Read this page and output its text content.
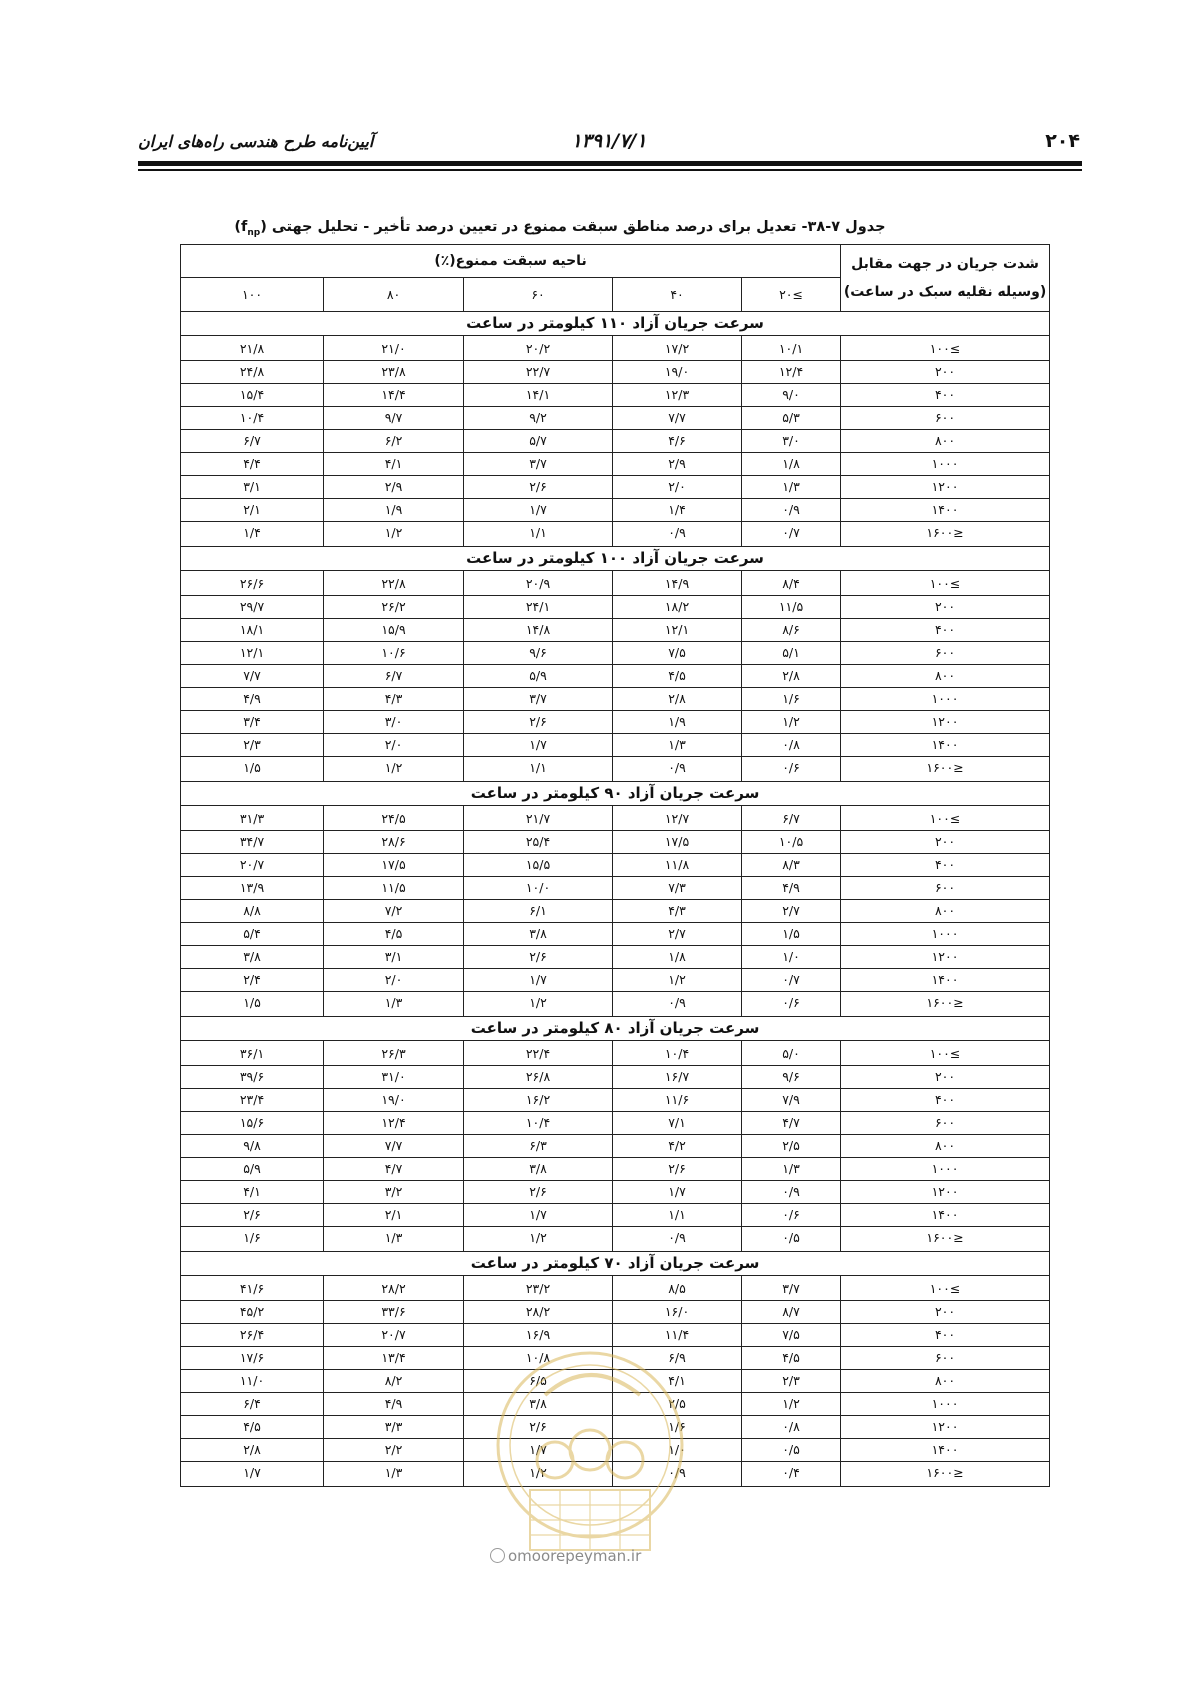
۲۰۴
۱۳۹۱/۷/۱
آیین‌نامه طرح هندسی راه‌های ایران
جدول ۷-۳۸- تعدیل برای درصد مناطق سبقت ممنوع در تعیین درصد تأخیر - تحلیل جهتی $(f_{np})$
شدت جریان در جهت مقابل (وسیله نقلیه سبک در ساعت)	ناحیه سبقت ممنوع(٪)				
	≥۲۰	۴۰	۶۰	۸۰	۱۰۰
سرعت جریان آزاد ۱۱۰ کیلومتر در ساعت					
≥۱۰۰	۱۰/۱	۱۷/۲	۲۰/۲	۲۱/۰	۲۱/۸
۲۰۰	۱۲/۴	۱۹/۰	۲۲/۷	۲۳/۸	۲۴/۸
۴۰۰	۹/۰	۱۲/۳	۱۴/۱	۱۴/۴	۱۵/۴
۶۰۰	۵/۳	۷/۷	۹/۲	۹/۷	۱۰/۴
۸۰۰	۳/۰	۴/۶	۵/۷	۶/۲	۶/۷
۱۰۰۰	۱/۸	۲/۹	۳/۷	۴/۱	۴/۴
۱۲۰۰	۱/۳	۲/۰	۲/۶	۲/۹	۳/۱
۱۴۰۰	۰/۹	۱/۴	۱/۷	۱/۹	۲/۱
≤۱۶۰۰	۰/۷	۰/۹	۱/۱	۱/۲	۱/۴
سرعت جریان آزاد ۱۰۰ کیلومتر در ساعت					
≥۱۰۰	۸/۴	۱۴/۹	۲۰/۹	۲۲/۸	۲۶/۶
۲۰۰	۱۱/۵	۱۸/۲	۲۴/۱	۲۶/۲	۲۹/۷
۴۰۰	۸/۶	۱۲/۱	۱۴/۸	۱۵/۹	۱۸/۱
۶۰۰	۵/۱	۷/۵	۹/۶	۱۰/۶	۱۲/۱
۸۰۰	۲/۸	۴/۵	۵/۹	۶/۷	۷/۷
۱۰۰۰	۱/۶	۲/۸	۳/۷	۴/۳	۴/۹
۱۲۰۰	۱/۲	۱/۹	۲/۶	۳/۰	۳/۴
۱۴۰۰	۰/۸	۱/۳	۱/۷	۲/۰	۲/۳
≤۱۶۰۰	۰/۶	۰/۹	۱/۱	۱/۲	۱/۵
سرعت جریان آزاد ۹۰ کیلومتر در ساعت					
≥۱۰۰	۶/۷	۱۲/۷	۲۱/۷	۲۴/۵	۳۱/۳
۲۰۰	۱۰/۵	۱۷/۵	۲۵/۴	۲۸/۶	۳۴/۷
۴۰۰	۸/۳	۱۱/۸	۱۵/۵	۱۷/۵	۲۰/۷
۶۰۰	۴/۹	۷/۳	۱۰/۰	۱۱/۵	۱۳/۹
۸۰۰	۲/۷	۴/۳	۶/۱	۷/۲	۸/۸
۱۰۰۰	۱/۵	۲/۷	۳/۸	۴/۵	۵/۴
۱۲۰۰	۱/۰	۱/۸	۲/۶	۳/۱	۳/۸
۱۴۰۰	۰/۷	۱/۲	۱/۷	۲/۰	۲/۴
≤۱۶۰۰	۰/۶	۰/۹	۱/۲	۱/۳	۱/۵
سرعت جریان آزاد ۸۰ کیلومتر در ساعت					
≥۱۰۰	۵/۰	۱۰/۴	۲۲/۴	۲۶/۳	۳۶/۱
۲۰۰	۹/۶	۱۶/۷	۲۶/۸	۳۱/۰	۳۹/۶
۴۰۰	۷/۹	۱۱/۶	۱۶/۲	۱۹/۰	۲۳/۴
۶۰۰	۴/۷	۷/۱	۱۰/۴	۱۲/۴	۱۵/۶
۸۰۰	۲/۵	۴/۲	۶/۳	۷/۷	۹/۸
۱۰۰۰	۱/۳	۲/۶	۳/۸	۴/۷	۵/۹
۱۲۰۰	۰/۹	۱/۷	۲/۶	۳/۲	۴/۱
۱۴۰۰	۰/۶	۱/۱	۱/۷	۲/۱	۲/۶
≤۱۶۰۰	۰/۵	۰/۹	۱/۲	۱/۳	۱/۶
سرعت جریان آزاد ۷۰ کیلومتر در ساعت					
≥۱۰۰	۳/۷	۸/۵	۲۳/۲	۲۸/۲	۴۱/۶
۲۰۰	۸/۷	۱۶/۰	۲۸/۲	۳۳/۶	۴۵/۲
۴۰۰	۷/۵	۱۱/۴	۱۶/۹	۲۰/۷	۲۶/۴
۶۰۰	۴/۵	۶/۹	۱۰/۸	۱۳/۴	۱۷/۶
۸۰۰	۲/۳	۴/۱	۶/۵	۸/۲	۱۱/۰
۱۰۰۰	۱/۲	۲/۵	۳/۸	۴/۹	۶/۴
۱۲۰۰	۰/۸	۱/۶	۲/۶	۳/۳	۴/۵
۱۴۰۰	۰/۵	۱/۰	۱/۷	۲/۲	۲/۸
≤۱۶۰۰	۰/۴	۰/۹	۱/۲	۱/۳	۱/۷
omoorepeyman.ir
